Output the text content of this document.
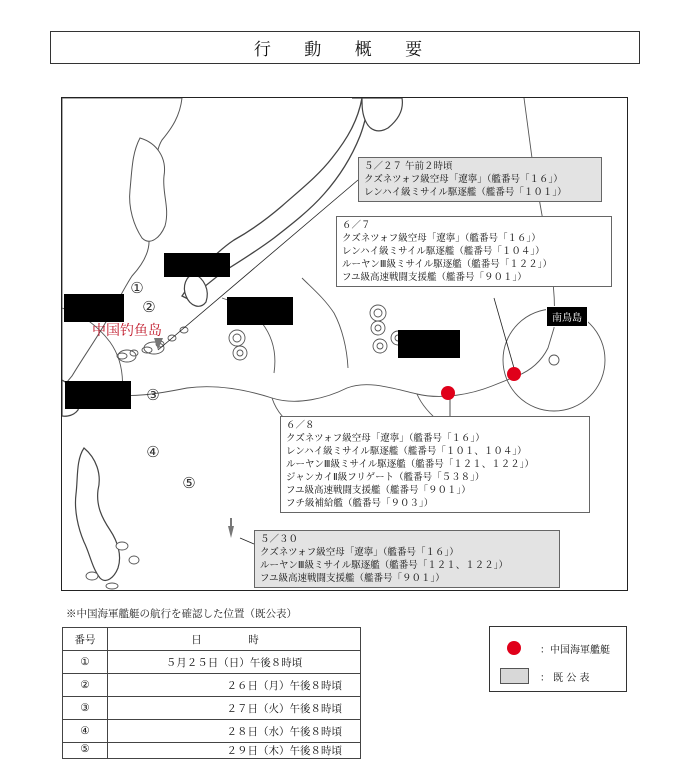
行 動 概 要
南鳥島
中国钓鱼岛
①
②
③
④
⑤
５／２７ 午前２時頃
クズネツォフ級空母「遼寧」（艦番号「１６」）
レンハイ級ミサイル駆逐艦（艦番号「１０１」）
６／７
クズネツォフ級空母「遼寧」（艦番号「１６」）
レンハイ級ミサイル駆逐艦（艦番号「１０４」）
ルーヤンⅢ級ミサイル駆逐艦（艦番号「１２２」）
フユ級高速戦闘支援艦（艦番号「９０１」）
６／８
クズネツォフ級空母「遼寧」（艦番号「１６」）
レンハイ級ミサイル駆逐艦（艦番号「１０１、１０４」）
ルーヤンⅢ級ミサイル駆逐艦（艦番号「１２１、１２２」）
ジャンカイⅡ級フリゲート（艦番号「５３８」）
フユ級高速戦闘支援艦（艦番号「９０１」）
フチ級補給艦（艦番号「９０３」）
５／３０
クズネツォフ級空母「遼寧」（艦番号「１６」）
ルーヤンⅢ級ミサイル駆逐艦（艦番号「１２１、１２２」）
フユ級高速戦闘支援艦（艦番号「９０１」）
※中国海軍艦艇の航行を確認した位置（既公表）
番号	日　時
①	５月２５日（日）午後８時頃
②	２６日（月）午後８時頃
③	２７日（火）午後８時頃
④	２８日（水）午後８時頃
⑤	２９日（木）午後８時頃
：中国海軍艦艇
： 既 公 表
